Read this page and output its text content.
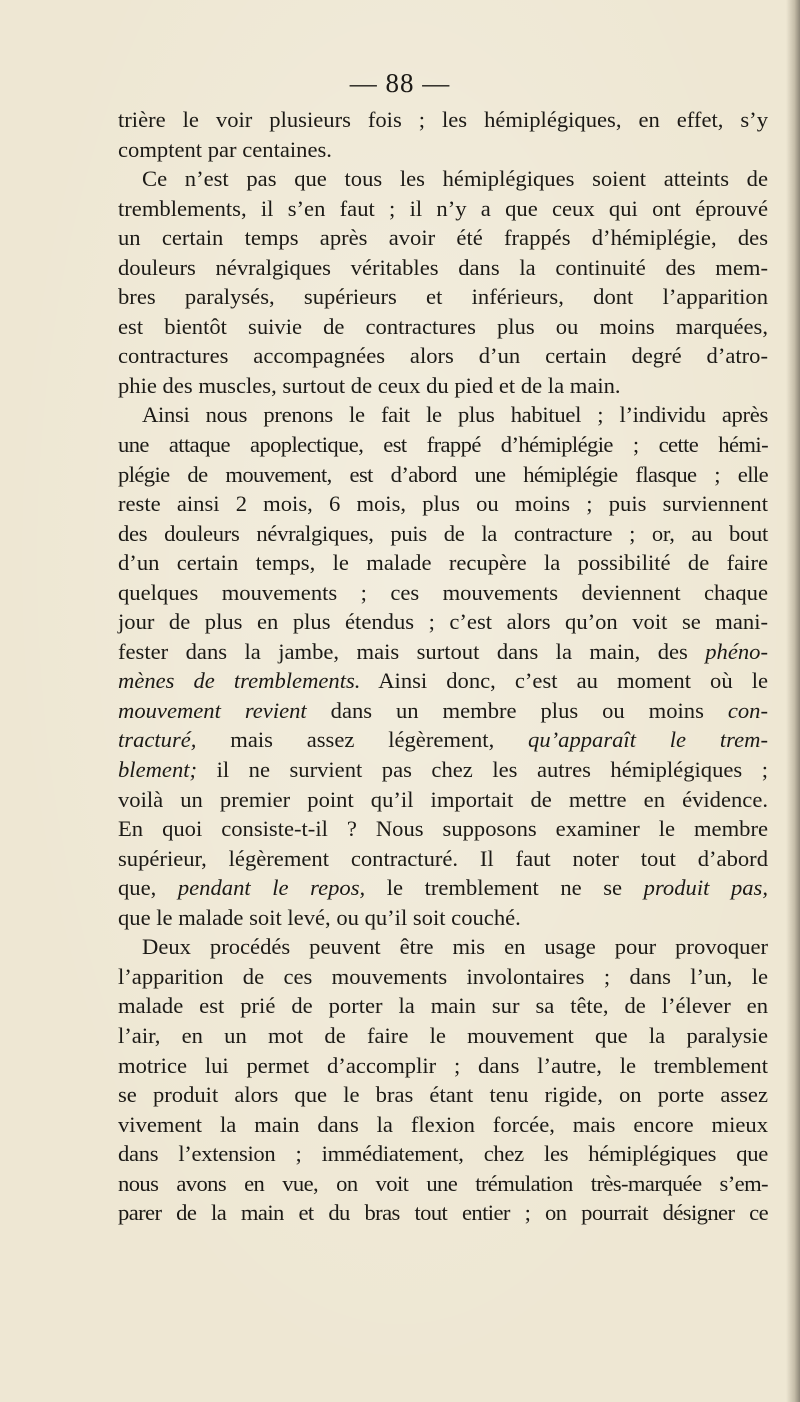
— 88 —
trière le voir plusieurs fois ; les hémiplégiques, en effet, s’y
comptent par centaines.
Ce n’est pas que tous les hémiplégiques soient atteints de
tremblements, il s’en faut ; il n’y a que ceux qui ont éprouvé
un certain temps après avoir été frappés d’hémiplégie, des
douleurs névralgiques véritables dans la continuité des mem-
bres paralysés, supérieurs et inférieurs, dont l’apparition
est bientôt suivie de contractures plus ou moins marquées,
contractures accompagnées alors d’un certain degré d’atro-
phie des muscles, surtout de ceux du pied et de la main.
Ainsi nous prenons le fait le plus habituel ; l’individu après
une attaque apoplectique, est frappé d’hémiplégie ; cette hémi-
plégie de mouvement, est d’abord une hémiplégie flasque ; elle
reste ainsi 2 mois, 6 mois, plus ou moins ; puis surviennent
des douleurs névralgiques, puis de la contracture ; or, au bout
d’un certain temps, le malade recupère la possibilité de faire
quelques mouvements ; ces mouvements deviennent chaque
jour de plus en plus étendus ; c’est alors qu’on voit se mani-
fester dans la jambe, mais surtout dans la main, des phéno-
mènes de tremblements. Ainsi donc, c’est au moment où le
mouvement revient dans un membre plus ou moins con-
tracturé, mais assez légèrement, qu’apparaît le trem-
blement; il ne survient pas chez les autres hémiplégiques ;
voilà un premier point qu’il importait de mettre en évidence.
En quoi consiste-t-il ? Nous supposons examiner le membre
supérieur, légèrement contracturé. Il faut noter tout d’abord
que, pendant le repos, le tremblement ne se produit pas,
que le malade soit levé, ou qu’il soit couché.
Deux procédés peuvent être mis en usage pour provoquer
l’apparition de ces mouvements involontaires ; dans l’un, le
malade est prié de porter la main sur sa tête, de l’élever en
l’air, en un mot de faire le mouvement que la paralysie
motrice lui permet d’accomplir ; dans l’autre, le tremblement
se produit alors que le bras étant tenu rigide, on porte assez
vivement la main dans la flexion forcée, mais encore mieux
dans l’extension ; immédiatement, chez les hémiplégiques que
nous avons en vue, on voit une trémulation très-marquée s’em-
parer de la main et du bras tout entier ; on pourrait désigner ce
